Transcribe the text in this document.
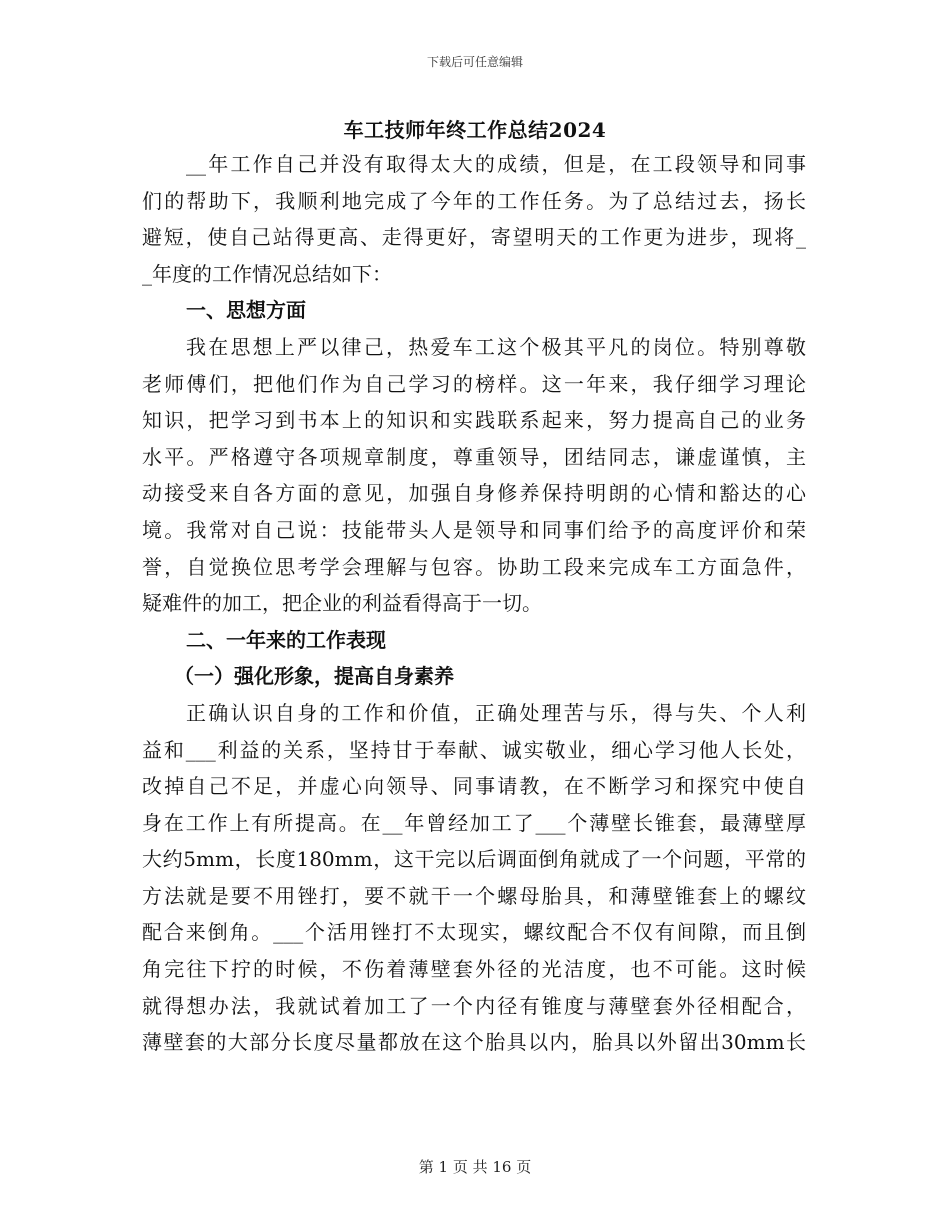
下载后可任意编辑
车工技师年终工作总结2024
__年工作自己并没有取得太大的成绩，但是，在工段领导和同事
们的帮助下，我顺利地完成了今年的工作任务。为了总结过去，扬长
避短，使自己站得更高、走得更好，寄望明天的工作更为进步，现将_
_年度的工作情况总结如下：
一、思想方面
我在思想上严以律己，热爱车工这个极其平凡的岗位。特别尊敬
老师傅们，把他们作为自己学习的榜样。这一年来，我仔细学习理论
知识，把学习到书本上的知识和实践联系起来，努力提高自己的业务
水平。严格遵守各项规章制度，尊重领导，团结同志，谦虚谨慎，主
动接受来自各方面的意见，加强自身修养保持明朗的心情和豁达的心
境。我常对自己说：技能带头人是领导和同事们给予的高度评价和荣
誉，自觉换位思考学会理解与包容。协助工段来完成车工方面急件，
疑难件的加工，把企业的利益看得高于一切。
二、一年来的工作表现
（一）强化形象，提高自身素养
正确认识自身的工作和价值，正确处理苦与乐，得与失、个人利
益和___利益的关系，坚持甘于奉献、诚实敬业，细心学习他人长处，
改掉自己不足，并虚心向领导、同事请教，在不断学习和探究中使自
身在工作上有所提高。在__年曾经加工了___个薄壁长锥套，最薄壁厚
大约5mm，长度180mm，这干完以后调面倒角就成了一个问题，平常的
方法就是要不用锉打，要不就干一个螺母胎具，和薄壁锥套上的螺纹
配合来倒角。___个活用锉打不太现实，螺纹配合不仅有间隙，而且倒
角完往下拧的时候，不伤着薄壁套外径的光洁度，也不可能。这时候
就得想办法，我就试着加工了一个内径有锥度与薄壁套外径相配合，
薄壁套的大部分长度尽量都放在这个胎具以内，胎具以外留出30mm长
第 1 页 共 16 页
